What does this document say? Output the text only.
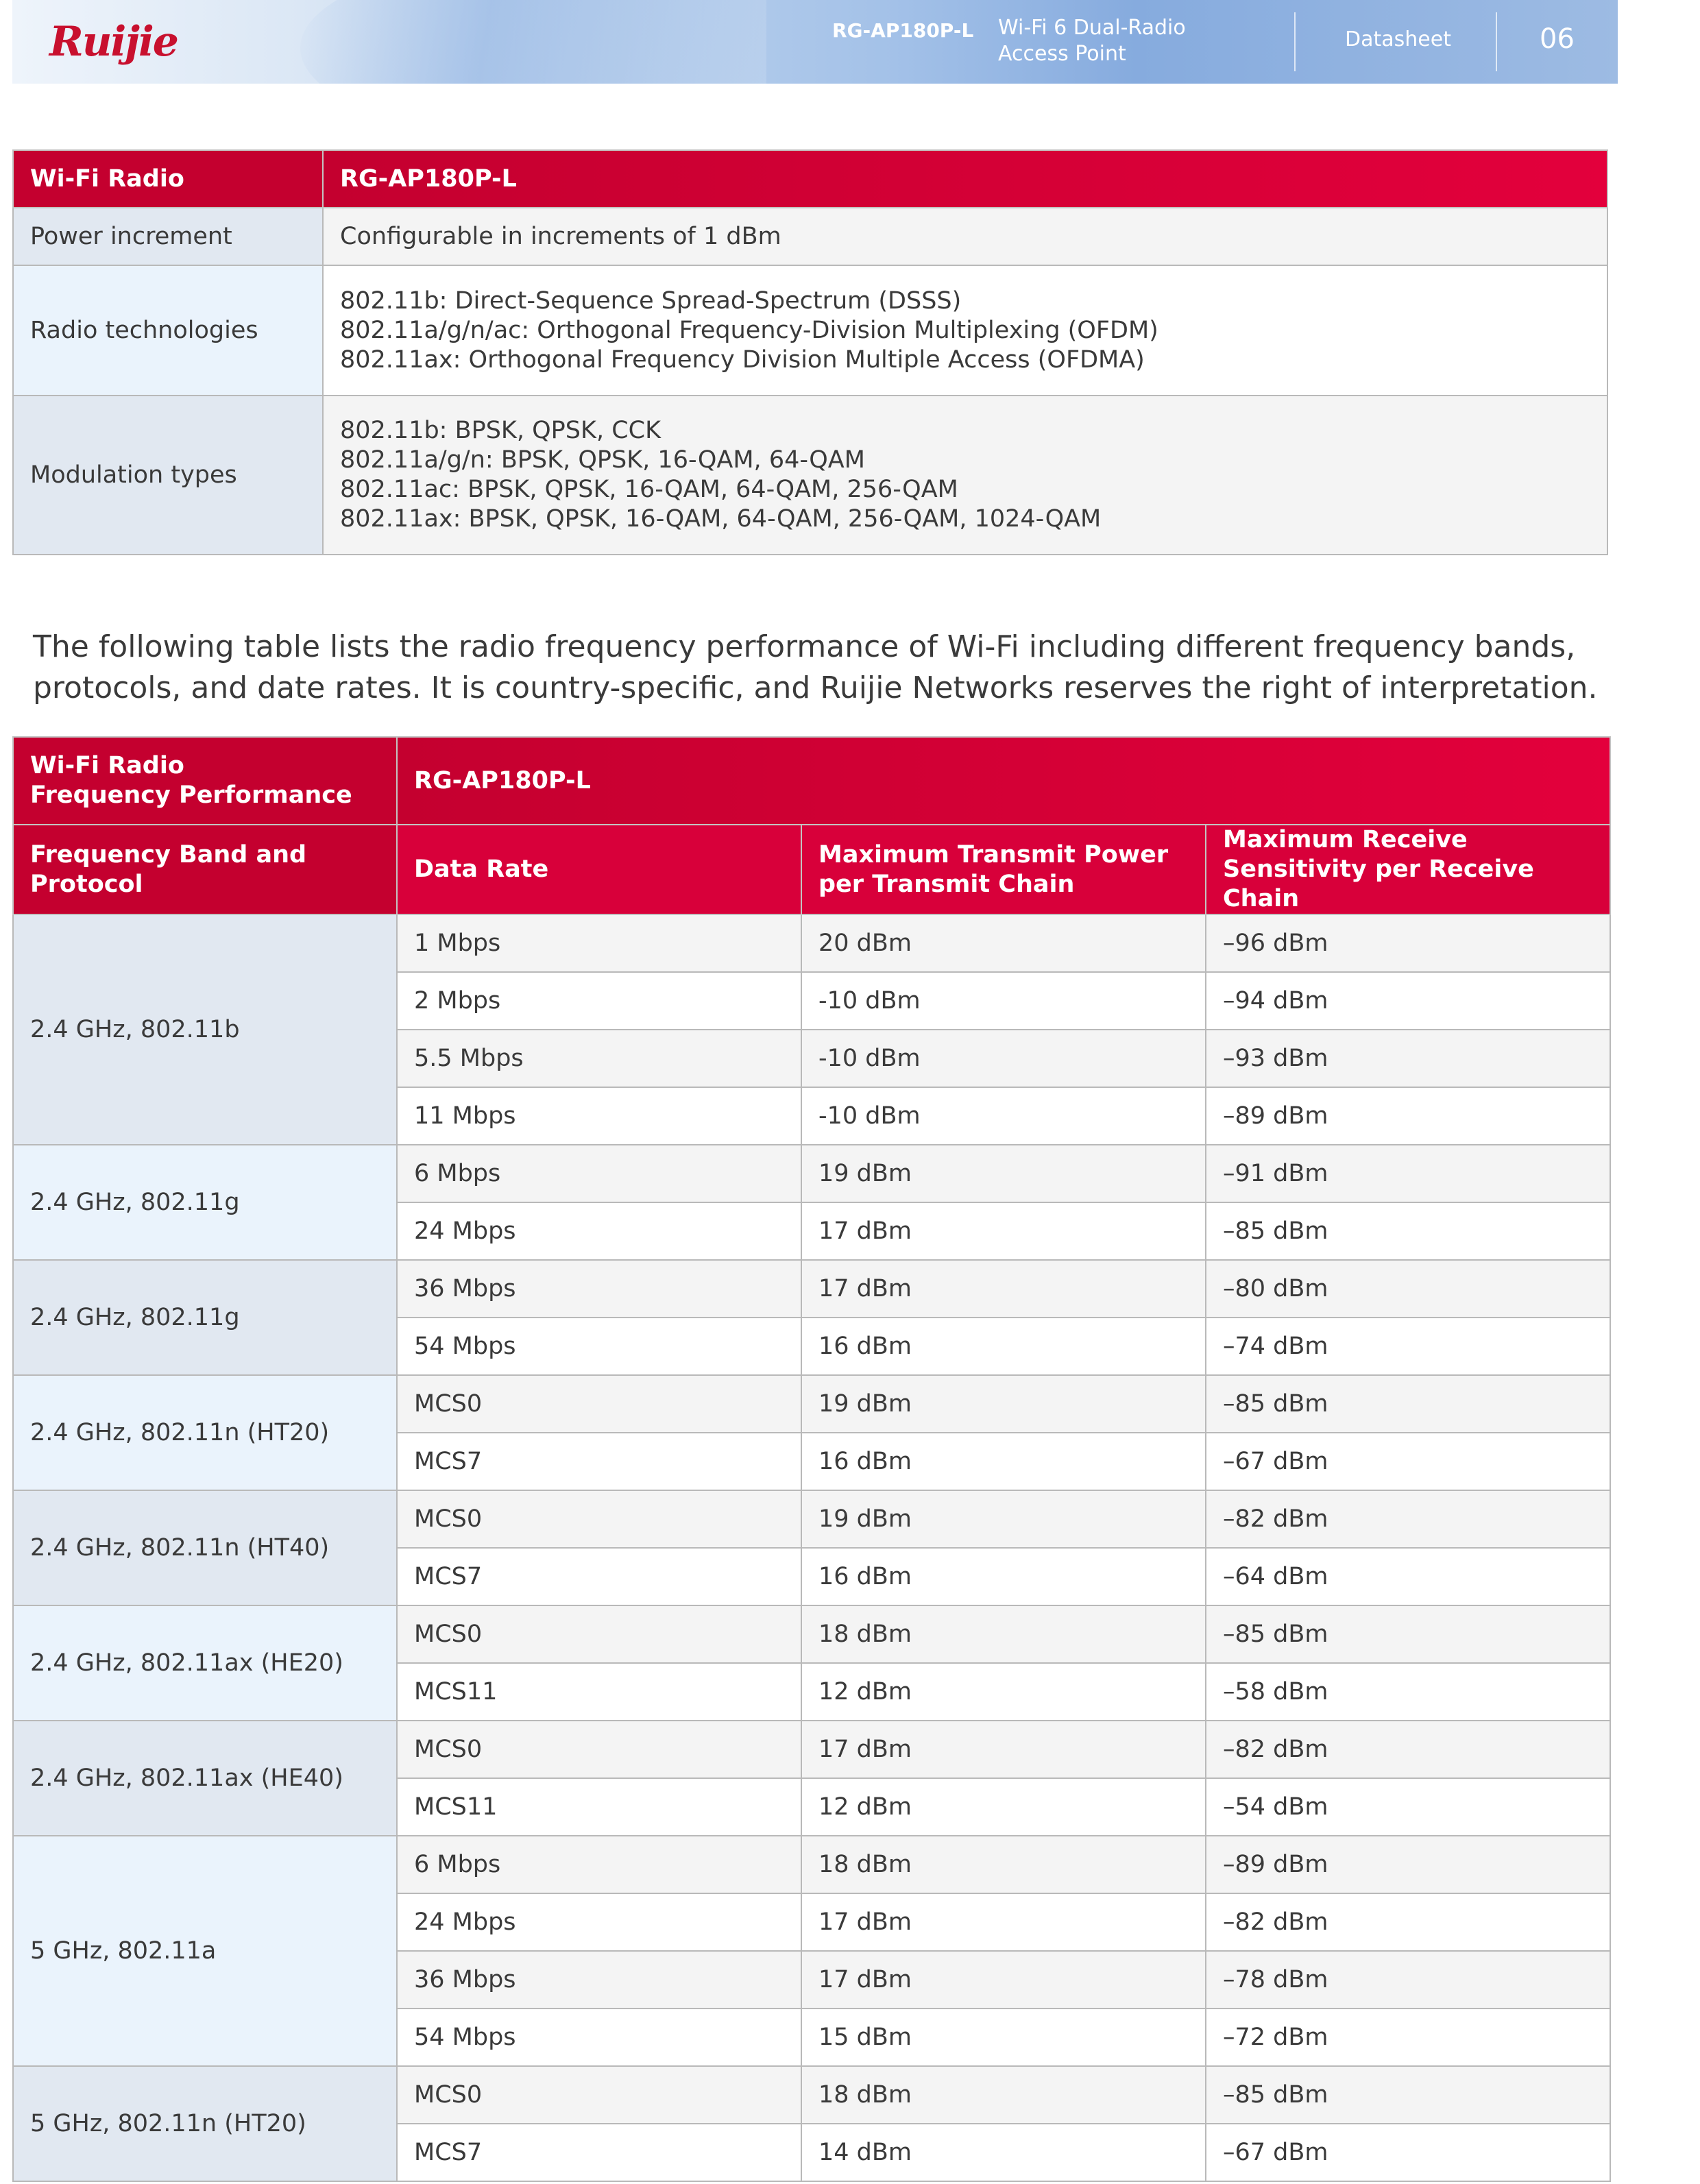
Ruijie	RG-AP180P-L Wi-Fi 6 Dual-Radio
Access Point
Datasheet	06
Wi-Fi Radio	RG-AP180P-L
Power increment	Configurable in increments of 1 dBm

Radio technologies	802.11b: Direct-Sequence Spread-Spectrum (DSSS)
802.11a/g/n/ac: Orthogonal Frequency-Division Multiplexing (OFDM)
802.11ax: Orthogonal Frequency Division Multiple Access (OFDMA)

Modulation types	802.11b: BPSK, QPSK, CCK
802.11a/g/n: BPSK, QPSK, 16-QAM, 64-QAM
802.11ac: BPSK, QPSK, 16-QAM, 64-QAM, 256-QAM
802.11ax: BPSK, QPSK, 16-QAM, 64-QAM, 256-QAM, 1024-QAM

The following table lists the radio frequency performance of Wi-Fi including different frequency bands, protocols, and date rates. It is country-specific, and Ruijie Networks reserves the right of interpretation.

Wi-Fi Radio
Frequency Performance	RG-AP180P-L		
Frequency Band and Protocol	Data Rate	Maximum Transmit Power per Transmit Chain	Maximum Receive Sensitivity per Receive Chain
2.4 GHz, 802.11b	1 Mbps	20 dBm	–96 dBm
	2 Mbps	-10 dBm	–94 dBm
	5.5 Mbps	-10 dBm	–93 dBm
	11 Mbps	-10 dBm	–89 dBm
2.4 GHz, 802.11g	6 Mbps	19 dBm	–91 dBm
	24 Mbps	17 dBm	–85 dBm
2.4 GHz, 802.11g	36 Mbps	17 dBm	–80 dBm
	54 Mbps	16 dBm	–74 dBm
2.4 GHz, 802.11n (HT20)	MCS0	19 dBm	–85 dBm
	MCS7	16 dBm	–67 dBm
2.4 GHz, 802.11n (HT40)	MCS0	19 dBm	–82 dBm
	MCS7	16 dBm	–64 dBm
2.4 GHz, 802.11ax (HE20)	MCS0	18 dBm	–85 dBm
	MCS11	12 dBm	–58 dBm
2.4 GHz, 802.11ax (HE40)	MCS0	17 dBm	–82 dBm
	MCS11	12 dBm	–54 dBm
5 GHz, 802.11a	6 Mbps	18 dBm	–89 dBm
	24 Mbps	17 dBm	–82 dBm
	36 Mbps	17 dBm	–78 dBm
	54 Mbps	15 dBm	–72 dBm
5 GHz, 802.11n (HT20)	MCS0	18 dBm	–85 dBm
	MCS7	14 dBm	–67 dBm
